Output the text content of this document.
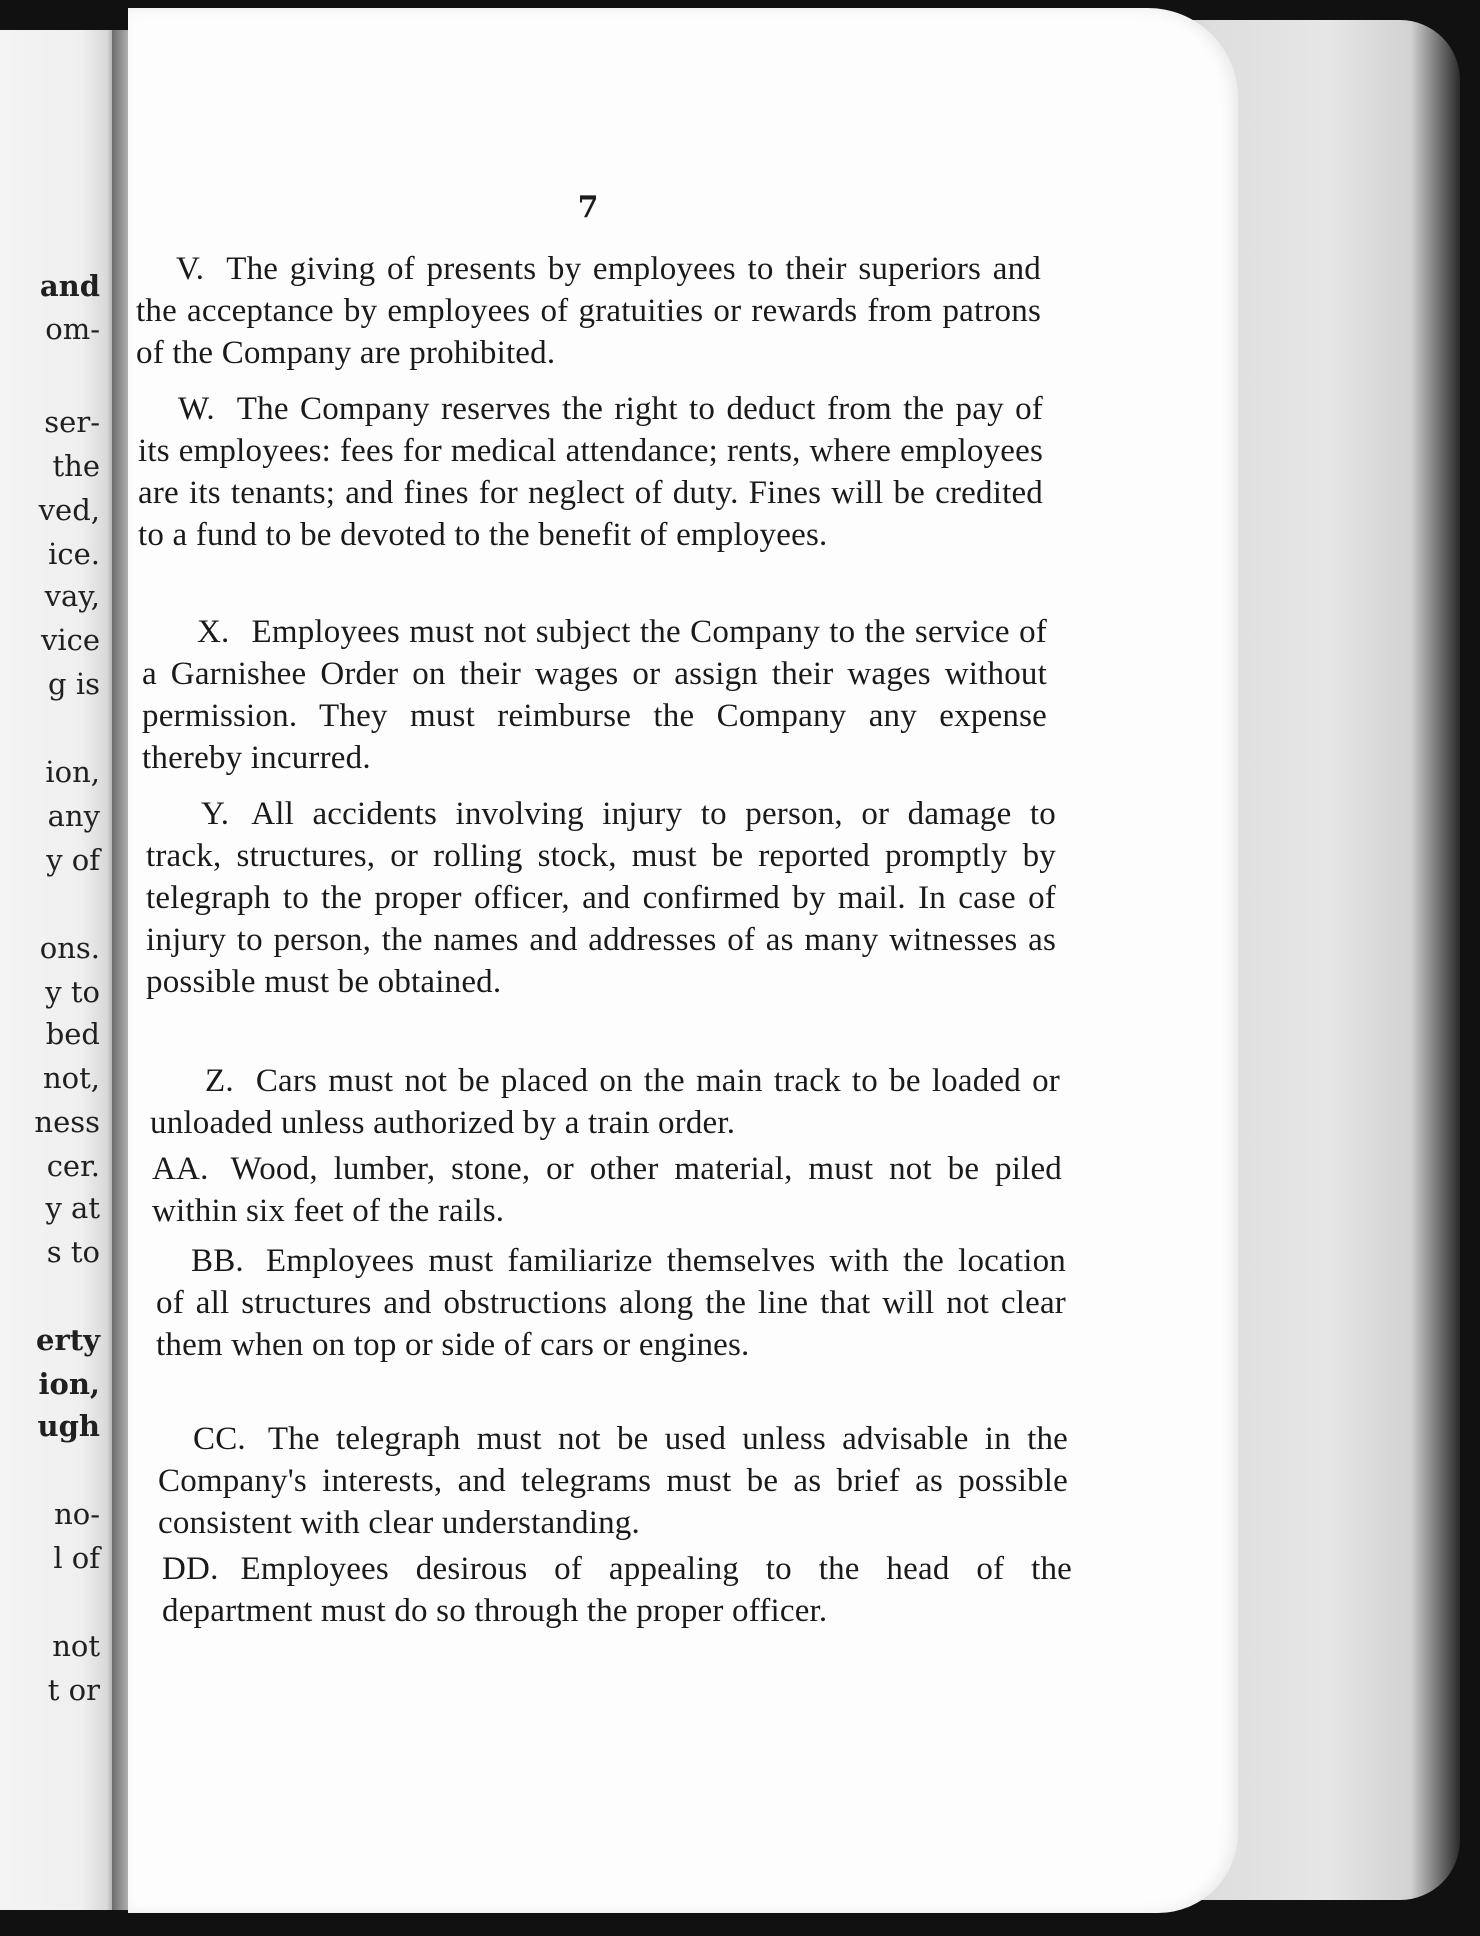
and
om-
ser-
the
ved,
ice.
vay,
vice
g is
ion,
any
y of
ons.
y to
bed
not,
ness
cer.
y at
s to
erty
ion,
ugh
no-
l of
not
t or
7
V. The giving of presents by employees to their superiors and the acceptance by employees of gratuities or rewards from patrons of the Company are prohibited.
W. The Company reserves the right to deduct from the pay of its employees: fees for medical attendance; rents, where employees are its tenants; and fines for neglect of duty. Fines will be credited to a fund to be devoted to the benefit of employees.
X. Employees must not subject the Company to the service of a Garnishee Order on their wages or assign their wages without permission. They must reimburse the Company any expense thereby incurred.
Y. All accidents involving injury to person, or damage to track, structures, or rolling stock, must be reported promptly by telegraph to the proper officer, and confirmed by mail. In case of injury to person, the names and addresses of as many witnesses as possible must be obtained.
Z. Cars must not be placed on the main track to be loaded or unloaded unless authorized by a train order.
AA. Wood, lumber, stone, or other material, must not be piled within six feet of the rails.
BB. Employees must familiarize themselves with the location of all structures and obstructions along the line that will not clear them when on top or side of cars or engines.
CC. The telegraph must not be used unless advisable in the Company's interests, and telegrams must be as brief as possible consistent with clear understanding.
DD. Employees desirous of appealing to the head of the department must do so through the proper officer.
